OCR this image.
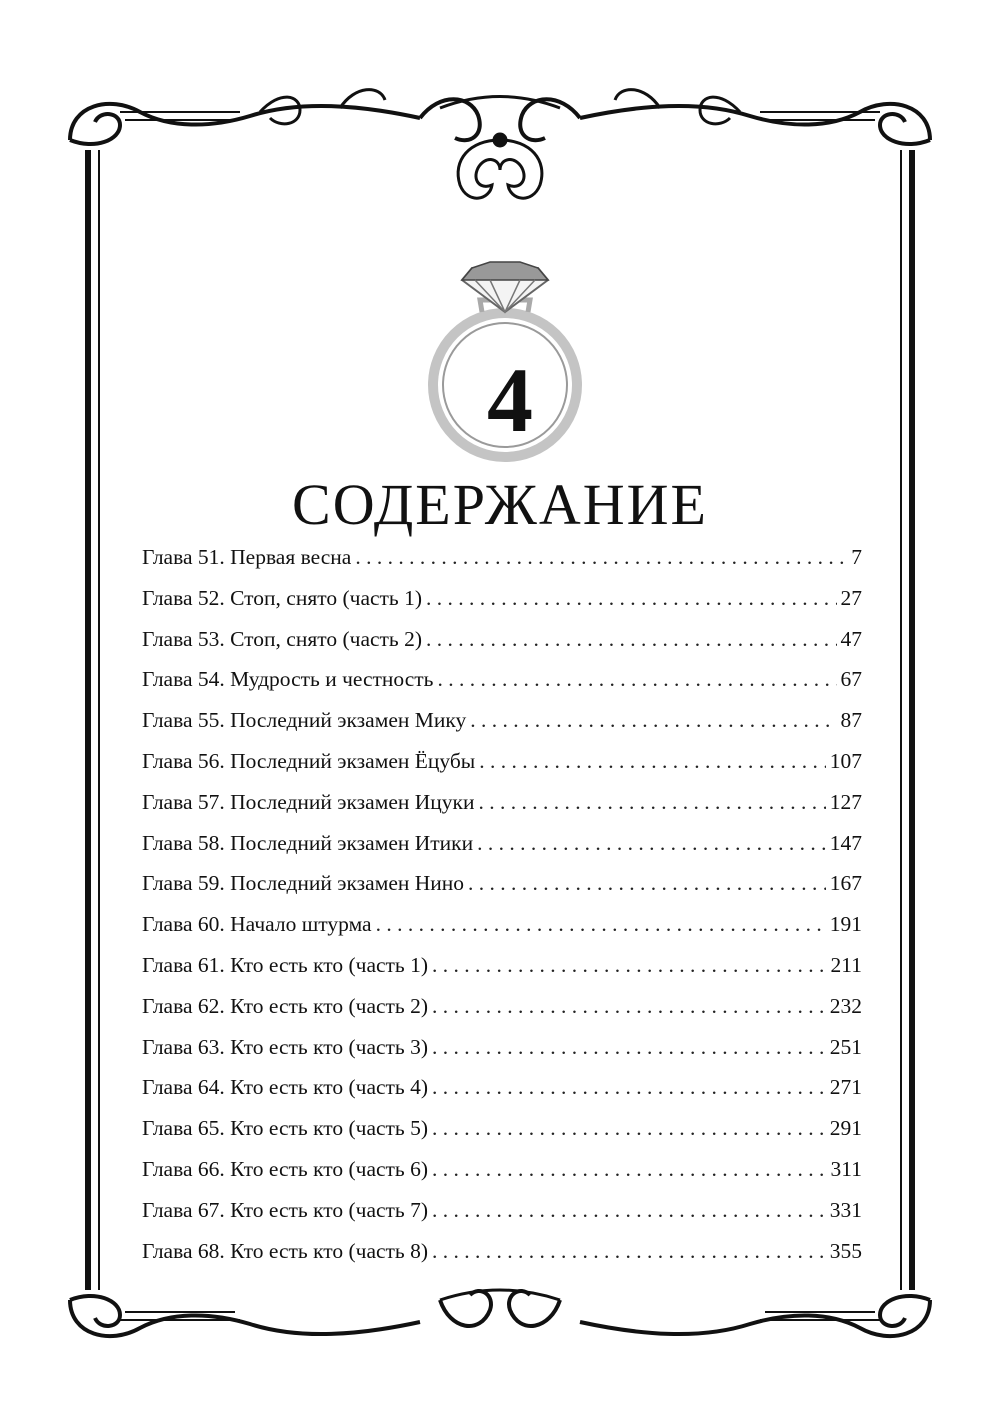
4
СОДЕРЖАНИЕ
Глава 51. Первая весна . . .	7
Глава 52. Стоп, снято (часть 1) . . .	27
Глава 53. Стоп, снято (часть 2) . . .	47
Глава 54. Мудрость и честность . . .	67
Глава 55. Последний экзамен Мику . . .	87
Глава 56. Последний экзамен Ёцубы . . .	107
Глава 57. Последний экзамен Ицуки . . .	127
Глава 58. Последний экзамен Итики . . .	147
Глава 59. Последний экзамен Нино . . .	167
Глава 60. Начало штурма . . .	191
Глава 61. Кто есть кто (часть 1) . . .	211
Глава 62. Кто есть кто (часть 2) . . .	232
Глава 63. Кто есть кто (часть 3) . . .	251
Глава 64. Кто есть кто (часть 4) . . .	271
Глава 65. Кто есть кто (часть 5) . . .	291
Глава 66. Кто есть кто (часть 6) . . .	311
Глава 67. Кто есть кто (часть 7) . . .	331
Глава 68. Кто есть кто (часть 8) . . .	355
